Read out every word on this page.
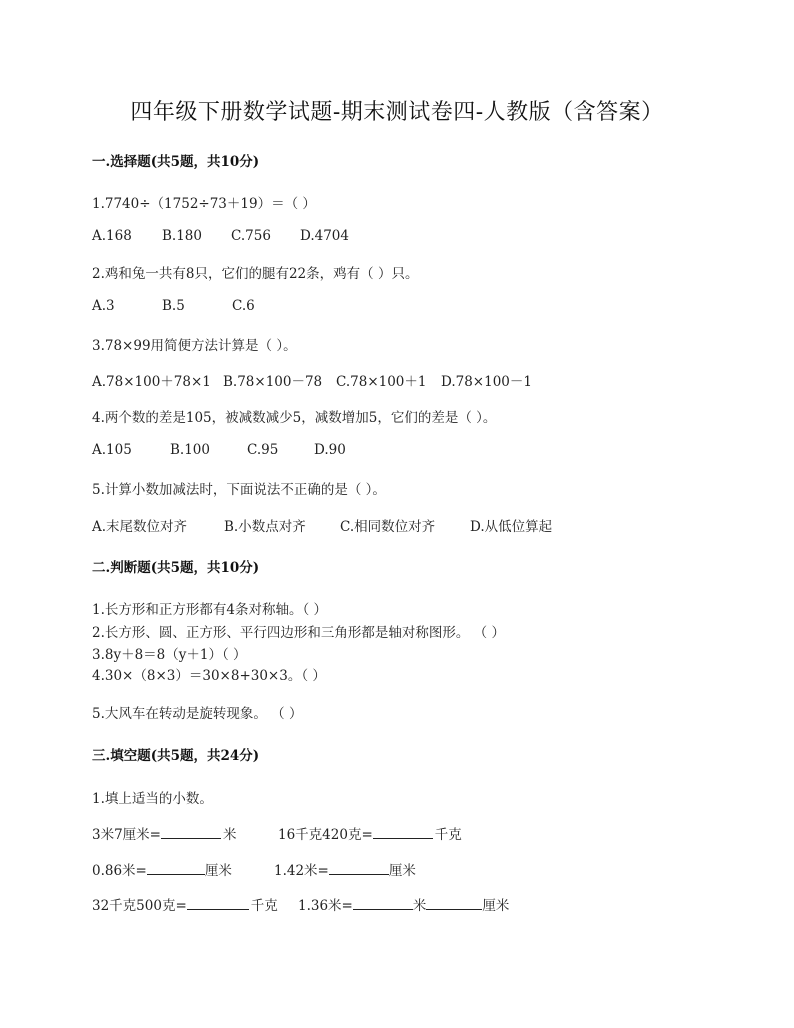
四年级下册数学试题-期末测试卷四-人教版（含答案）
一.选择题(共5题，共10分)
1.7740÷（1752÷73＋19）＝（ ）
A.168 B.180 C.756 D.4704
2.鸡和兔一共有8只，它们的腿有22条，鸡有（ ）只。
A.3	B.5	C.6
3.78×99用简便方法计算是（ ）。
A.78×100＋78×1 B.78×100－78 C.78×100＋1 D.78×100－1
4.两个数的差是105，被减数减少5，减数增加5，它们的差是（ ）。
A.105	B.100	C.95	D.90
5.计算小数加减法时，下面说法不正确的是（ ）。
A.末尾数位对齐	B.小数点对齐	C.相同数位对齐	D.从低位算起
二.判断题(共5题，共10分)
1.长方形和正方形都有4条对称轴。（ ）
2.长方形、圆、正方形、平行四边形和三角形都是轴对称图形。 （ ）
3.8y＋8＝8（y＋1）（ ）
4.30×（8×3）＝30×8+30×3。（ ）
5.大风车在转动是旋转现象。 （ ）
三.填空题(共5题，共24分)
1.填上适当的小数。
3米7厘米=	米	16千克420克=	千克
0.86米=	厘米	1.42米=	厘米
32千克500克=	千克 1.36米=	米	厘米
